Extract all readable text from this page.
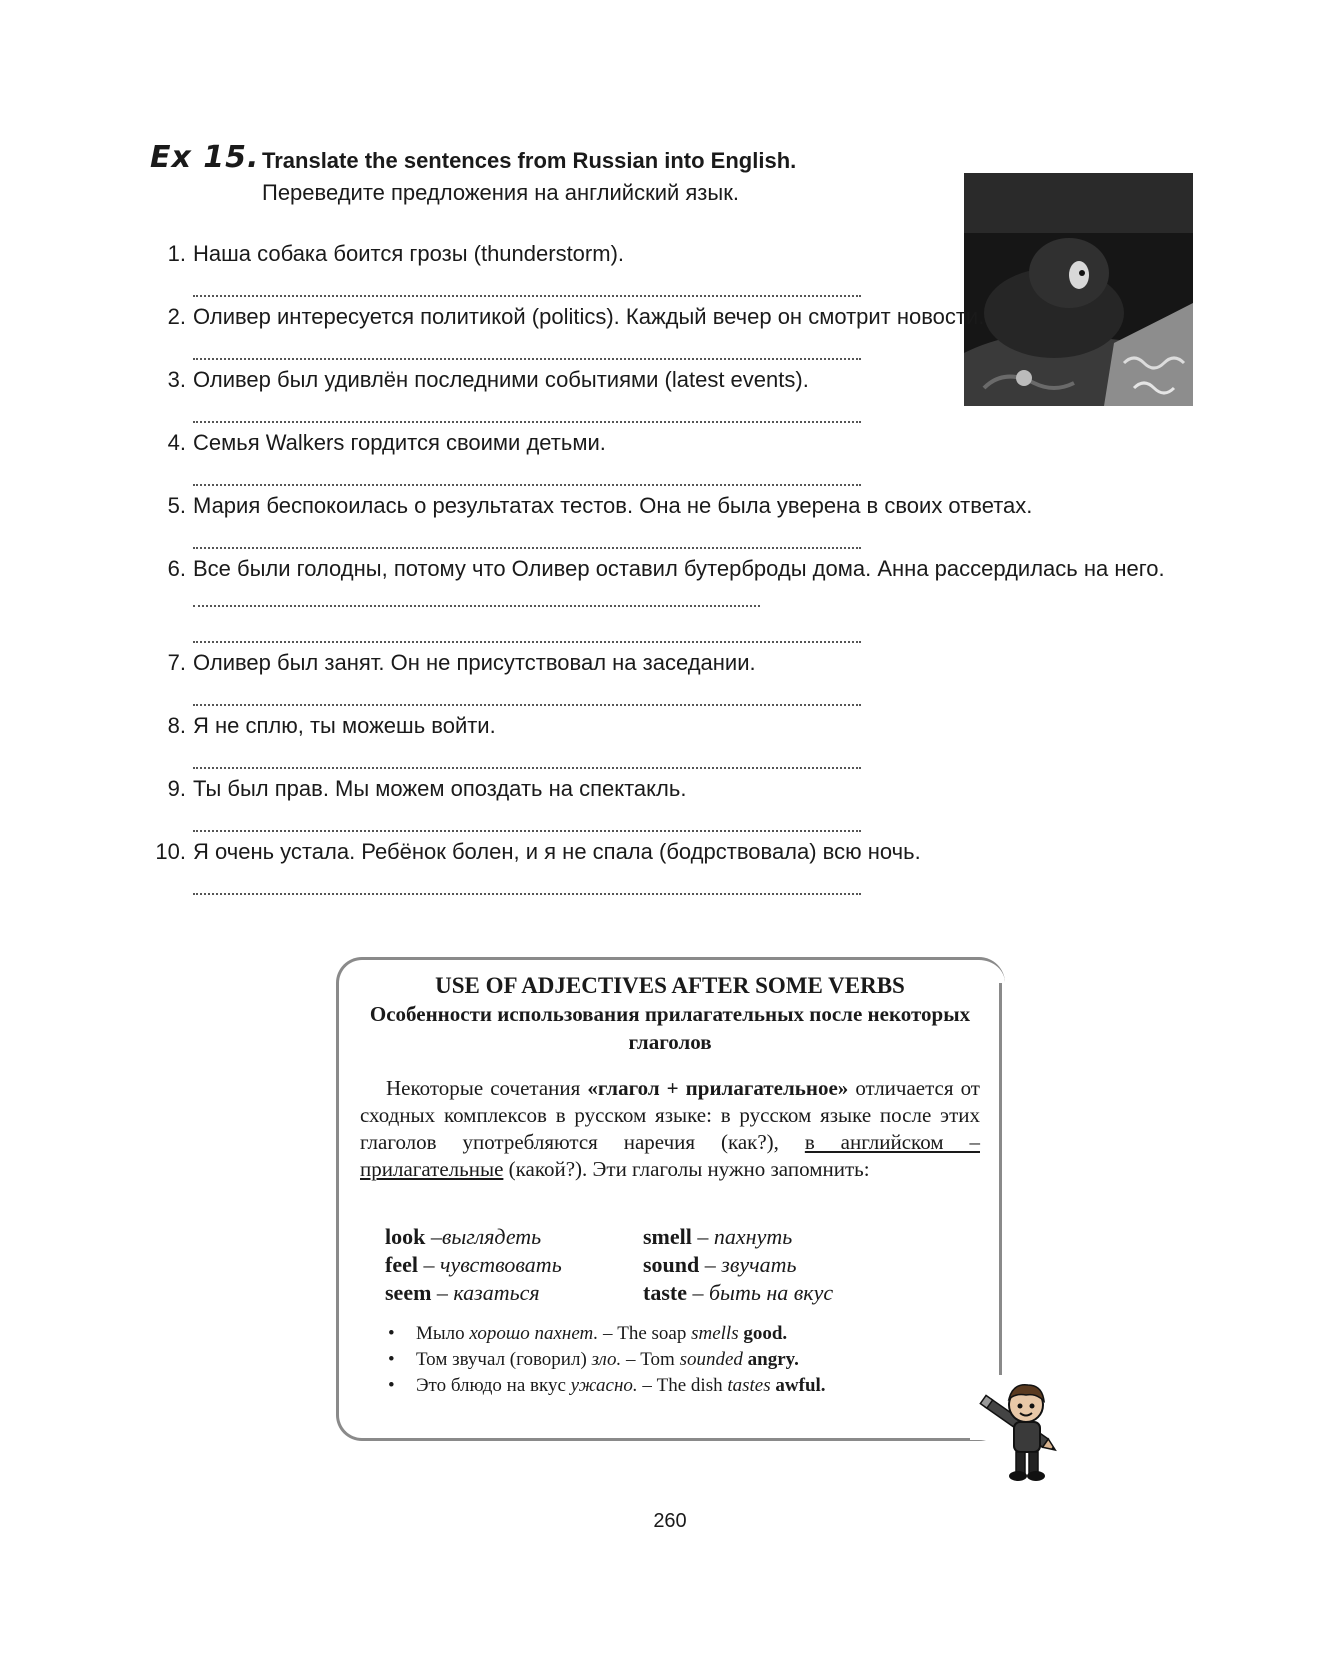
Ex 15. Translate the sentences from Russian into English.
Переведите предложения на английский язык.
1. Наша собака боится грозы (thunderstorm).
2. Оливер интересуется политикой (politics). Каждый вечер он смотрит новости.
3. Оливер был удивлён последними событиями (latest events).
4. Семья Walkers гордится своими детьми.
5. Мария беспокоилась о результатах тестов. Она не была уверена в своих ответах.
6. Все были голодны, потому что Оливер оставил бутерброды дома. Анна рассердилась на него.
7. Оливер был занят. Он не присутствовал на заседании.
8. Я не сплю, ты можешь войти.
9. Ты был прав. Мы можем опоздать на спектакль.
10. Я очень устала. Ребёнок болен, и я не спала (бодрствовала) всю ночь.
USE OF ADJECTIVES AFTER SOME VERBS
Особенности использования прилагательных после некоторых глаголов
Некоторые сочетания «глагол + прилагательное» отличается от сходных комплексов в русском языке: в русском языке после этих глаголов употребляются наречия (как?), в английском – прилагательные (какой?). Эти глаголы нужно запомнить:
look –выглядеть	smell – пахнуть
feel – чувствовать	sound – звучать
seem – казаться	taste – быть на вкус
• Мыло хорошо пахнет. – The soap smells good.
• Том звучал (говорил) зло. – Tom sounded angry.
• Это блюдо на вкус ужасно. – The dish tastes awful.
260
